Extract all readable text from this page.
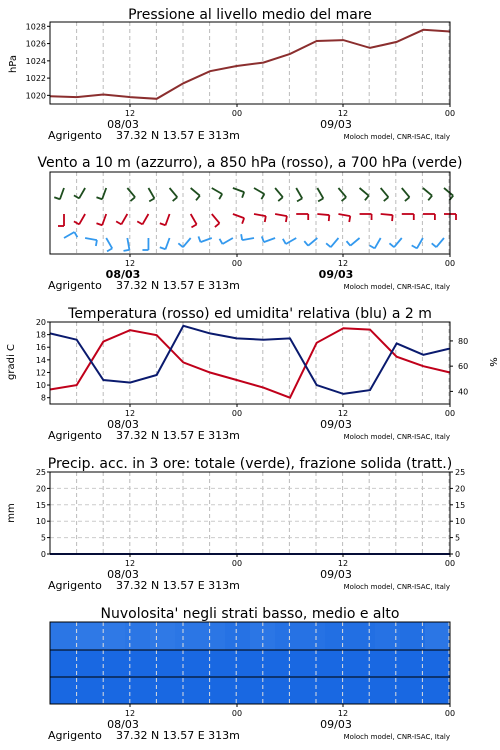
Pressione al livello medio del mare
hPa
1020
1022
1024
1026
1028
12	00	12	00
08/03	09/03
Agrigento 37.32 N 13.57 E 313m	Moloch model, CNR-ISAC, Italy
Vento a 10 m (azzurro), a 850 hPa (rosso), a 700 hPa (verde)
12	00	12	00
08/03	09/03
Agrigento 37.32 N 13.57 E 313m	Moloch model, CNR-ISAC, Italy
Temperatura (rosso) ed umidita' relativa (blu) a 2 m
gradi C	%
8
10
12
14
16
18
20
40
60
80
12	00	12	00
08/03	09/03
Agrigento 37.32 N 13.57 E 313m	Moloch model, CNR-ISAC, Italy
Precip. acc. in 3 ore: totale (verde), frazione solida (tratt.)
mm
0	0
5	5
10	10
15	15
20	20
25	25
12	00	12	00
08/03	09/03
Agrigento 37.32 N 13.57 E 313m	Moloch model, CNR-ISAC, Italy
Nuvolosita' negli strati basso, medio e alto
12	00	12	00
08/03	09/03
Agrigento 37.32 N 13.57 E 313m	Moloch model, CNR-ISAC, Italy
